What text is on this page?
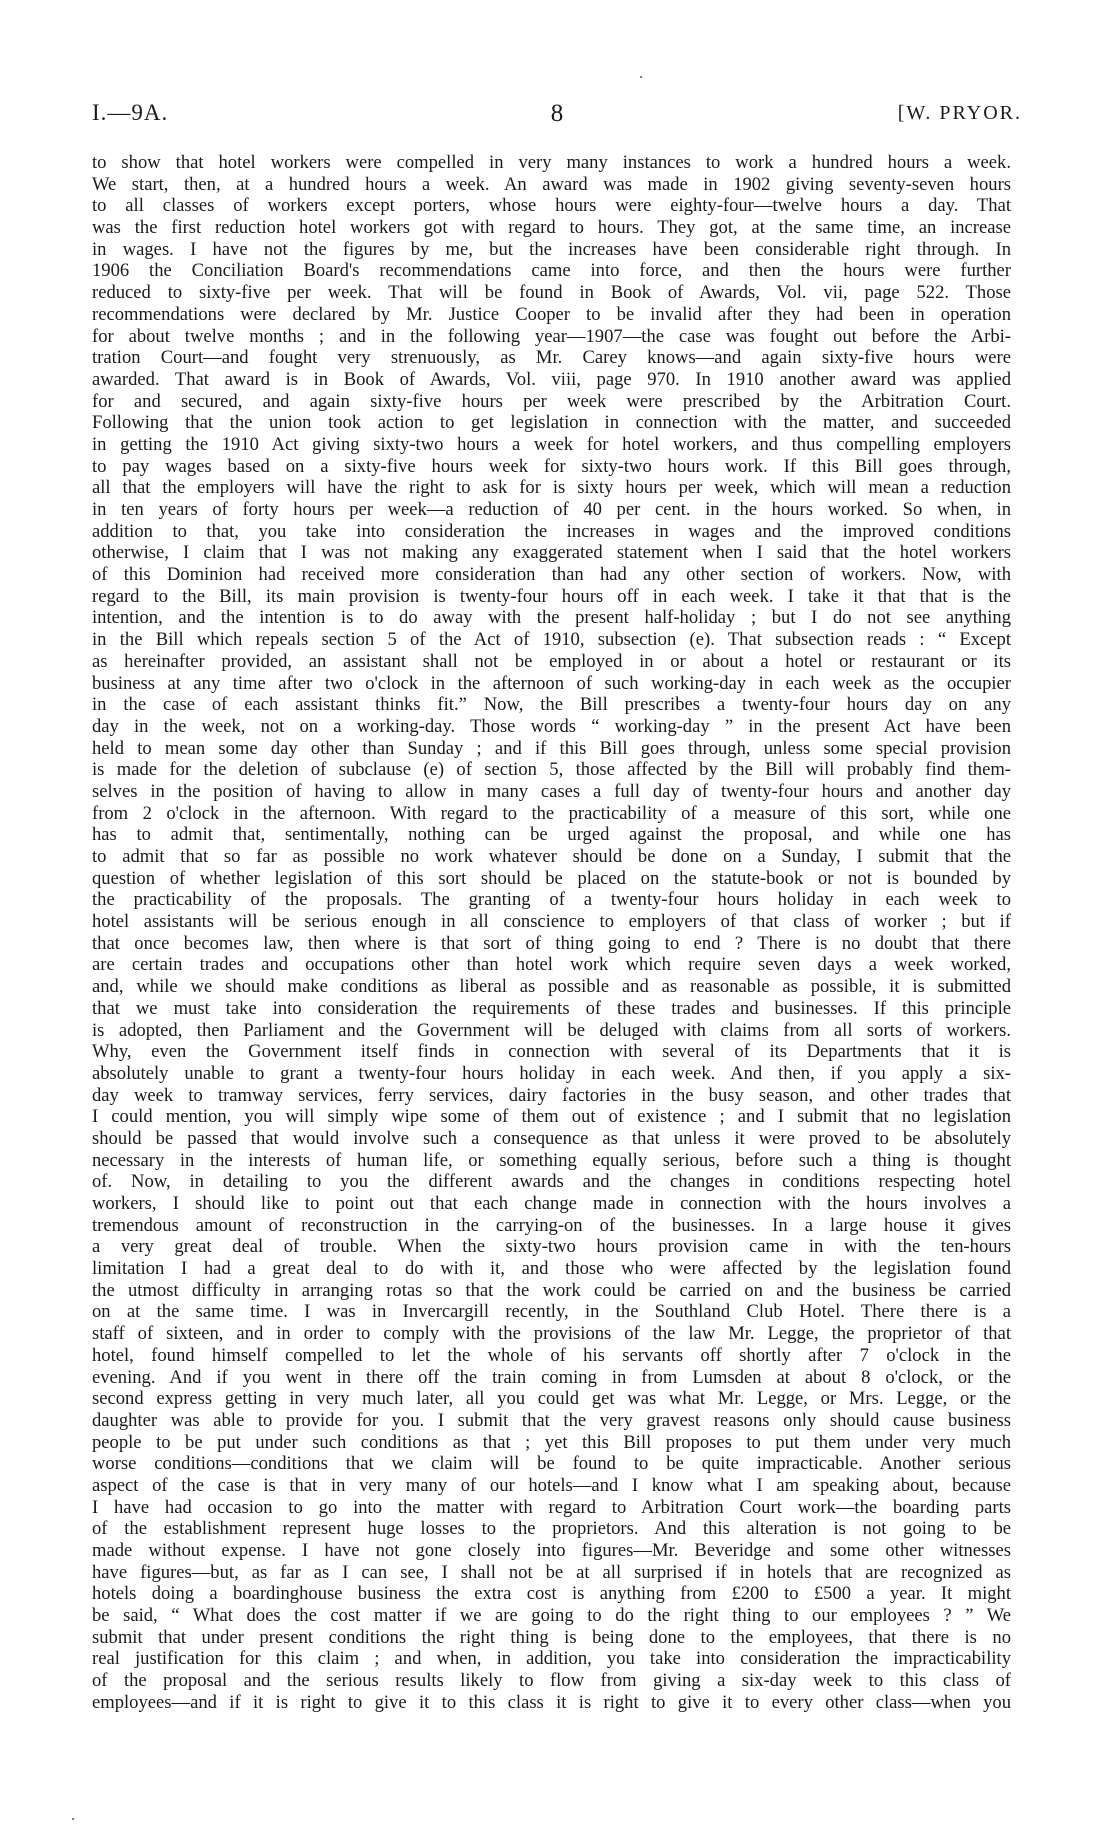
I.—9A.	8	[W. PRYOR.
to show that hotel workers were compelled in very many instances to work a hundred hours a week.
We start, then, at a hundred hours a week. An award was made in 1902 giving seventy-seven hours
to all classes of workers except porters, whose hours were eighty-four—twelve hours a day. That
was the first reduction hotel workers got with regard to hours. They got, at the same time, an increase
in wages. I have not the figures by me, but the increases have been considerable right through. In
1906 the Conciliation Board's recommendations came into force, and then the hours were further
reduced to sixty-five per week. That will be found in Book of Awards, Vol. vii, page 522. Those
recommendations were declared by Mr. Justice Cooper to be invalid after they had been in operation
for about twelve months ; and in the following year—1907—the case was fought out before the Arbi-
tration Court—and fought very strenuously, as Mr. Carey knows—and again sixty-five hours were
awarded. That award is in Book of Awards, Vol. viii, page 970. In 1910 another award was applied
for and secured, and again sixty-five hours per week were prescribed by the Arbitration Court.
Following that the union took action to get legislation in connection with the matter, and succeeded
in getting the 1910 Act giving sixty-two hours a week for hotel workers, and thus compelling employers
to pay wages based on a sixty-five hours week for sixty-two hours work. If this Bill goes through,
all that the employers will have the right to ask for is sixty hours per week, which will mean a reduction
in ten years of forty hours per week—a reduction of 40 per cent. in the hours worked. So when, in
addition to that, you take into consideration the increases in wages and the improved conditions
otherwise, I claim that I was not making any exaggerated statement when I said that the hotel workers
of this Dominion had received more consideration than had any other section of workers. Now, with
regard to the Bill, its main provision is twenty-four hours off in each week. I take it that that is the
intention, and the intention is to do away with the present half-holiday ; but I do not see anything
in the Bill which repeals section 5 of the Act of 1910, subsection (e). That subsection reads : “ Except
as hereinafter provided, an assistant shall not be employed in or about a hotel or restaurant or its
business at any time after two o'clock in the afternoon of such working-day in each week as the occupier
in the case of each assistant thinks fit.” Now, the Bill prescribes a twenty-four hours day on any
day in the week, not on a working-day. Those words “ working-day ” in the present Act have been
held to mean some day other than Sunday ; and if this Bill goes through, unless some special provision
is made for the deletion of subclause (e) of section 5, those affected by the Bill will probably find them-
selves in the position of having to allow in many cases a full day of twenty-four hours and another day
from 2 o'clock in the afternoon. With regard to the practicability of a measure of this sort, while one
has to admit that, sentimentally, nothing can be urged against the proposal, and while one has
to admit that so far as possible no work whatever should be done on a Sunday, I submit that the
question of whether legislation of this sort should be placed on the statute-book or not is bounded by
the practicability of the proposals. The granting of a twenty-four hours holiday in each week to
hotel assistants will be serious enough in all conscience to employers of that class of worker ; but if
that once becomes law, then where is that sort of thing going to end ? There is no doubt that there
are certain trades and occupations other than hotel work which require seven days a week worked,
and, while we should make conditions as liberal as possible and as reasonable as possible, it is submitted
that we must take into consideration the requirements of these trades and businesses. If this principle
is adopted, then Parliament and the Government will be deluged with claims from all sorts of workers.
Why, even the Government itself finds in connection with several of its Departments that it is
absolutely unable to grant a twenty-four hours holiday in each week. And then, if you apply a six-
day week to tramway services, ferry services, dairy factories in the busy season, and other trades that
I could mention, you will simply wipe some of them out of existence ; and I submit that no legislation
should be passed that would involve such a consequence as that unless it were proved to be absolutely
necessary in the interests of human life, or something equally serious, before such a thing is thought
of. Now, in detailing to you the different awards and the changes in conditions respecting hotel
workers, I should like to point out that each change made in connection with the hours involves a
tremendous amount of reconstruction in the carrying-on of the businesses. In a large house it gives
a very great deal of trouble. When the sixty-two hours provision came in with the ten-hours
limitation I had a great deal to do with it, and those who were affected by the legislation found
the utmost difficulty in arranging rotas so that the work could be carried on and the business be carried
on at the same time. I was in Invercargill recently, in the Southland Club Hotel. There there is a
staff of sixteen, and in order to comply with the provisions of the law Mr. Legge, the proprietor of that
hotel, found himself compelled to let the whole of his servants off shortly after 7 o'clock in the
evening. And if you went in there off the train coming in from Lumsden at about 8 o'clock, or the
second express getting in very much later, all you could get was what Mr. Legge, or Mrs. Legge, or the
daughter was able to provide for you. I submit that the very gravest reasons only should cause business
people to be put under such conditions as that ; yet this Bill proposes to put them under very much
worse conditions—conditions that we claim will be found to be quite impracticable. Another serious
aspect of the case is that in very many of our hotels—and I know what I am speaking about, because
I have had occasion to go into the matter with regard to Arbitration Court work—the boarding parts
of the establishment represent huge losses to the proprietors. And this alteration is not going to be
made without expense. I have not gone closely into figures—Mr. Beveridge and some other witnesses
have figures—but, as far as I can see, I shall not be at all surprised if in hotels that are recognized as
hotels doing a boardinghouse business the extra cost is anything from £200 to £500 a year. It might
be said, “ What does the cost matter if we are going to do the right thing to our employees ? ” We
submit that under present conditions the right thing is being done to the employees, that there is no
real justification for this claim ; and when, in addition, you take into consideration the impracticability
of the proposal and the serious results likely to flow from giving a six-day week to this class of
employees—and if it is right to give it to this class it is right to give it to every other class—when you
